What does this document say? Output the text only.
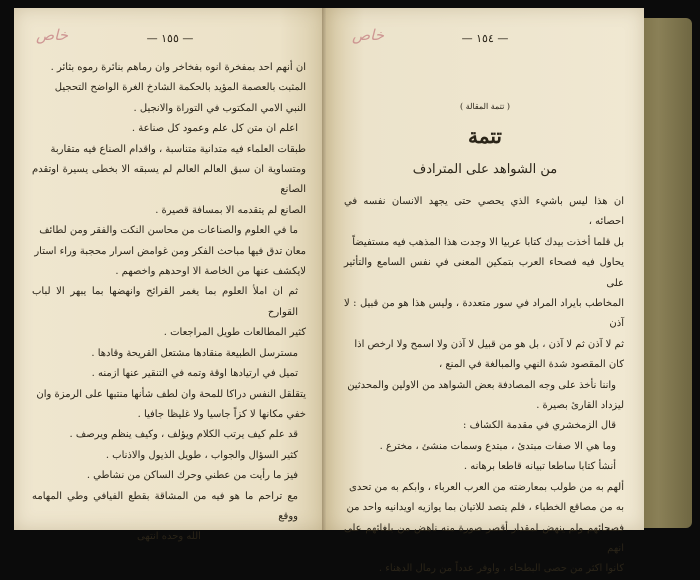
خاص	— ١٥٥ —

ان أنهم احد بمفخرة انوه بفخاخر وان رماهم بنائرة رموه بثائر .

المثبت بالعصمة المؤيد بالحكمة الشادخ الغرة الواضح التحجيل

النبي الامي المكتوب في التوراة والانجيل .

اعلم ان متن كل علم وعمود كل صناعة .

طبقات العلماء فيه متدانية متناسبة ، واقدام الصناع فيه متقاربة

ومتساوية ان سبق العالم العالم لم يسبقه الا بخطى يسيرة اوتقدم الصانع

الصانع لم يتقدمه الا بمسافة قصيرة .

ما في العلوم والصناعات من محاسن النكت والفقر ومن لطائف

معان تدق فيها مباحث الفكر ومن غوامض اسرار محجبة وراء استار

لايكشف عنها من الخاصة الا اوحدهم واخصهم .

ثم ان املأ العلوم بما يغمر القرائح وانهضها بما يبهر الا لباب القوارح

كثير المطالعات طويل المراجعات .

مسترسل الطبيعة منقادها مشتعل القريحة وقادها .

تميل في ارتيادها اوقة وتمه في التنقير عنها ازمنه .

يتقلقل النفس دراكا للمحة وان لطف شأنها منتبها على الرمزة وان

خفي مكانها لا كزاً جاسيا ولا غليظا جافيا .

قد علم كيف يرتب الكلام ويؤلف ، وكيف ينظم ويرصف .

كثير السؤال والجواب ، طويل الذيول والاذناب .

فيز ما رأيت من عطني وحرك الساكن من نشاطي .

مع تراحم ما هو فيه من المشاقة بقطع الفيافي وطي المهامه ووقع

الله وحده انتهى

خاص	— ١٥٤ —
( تتمة المقالة )
تتمة
من الشواهد على المترادف

ان هذا ليس باشيء الذي يحصي حتى يجهد الانسان نفسه في احصائه ،

بل قلما أخذت بيدك كتابا عربيا الا وجدت هذا المذهب فيه مستفيضاً

يحاول فيه فصحاء العرب بتمكين المعنى في نفس السامع والتأثير على

المخاطب بايراد المراد في سور متعددة ، وليس هذا هو من قبيل : لا آذن

ثم لا آذن ثم لا آذن ، بل هو من قبيل لا آذن ولا اسمح ولا ارخص اذا

كان المقصود شدة النهي والمبالغة في المنع ،

واننا نأخذ على وجه المصادفة بعض الشواهد من الاولين والمحدثين

ليزداد القارئ بصيرة .

قال الزمخشري في مقدمة الكشاف :

وما هي الا صفات مبتدئ ، مبتدع وسمات منشئ ، مخترع .

أنشأ كتابا ساطعا تبيانه قاطعا برهانه .

ألهم به من طولب بمعارضته من العرب العرباء ، وابكم به من تحدى

به من مصاقع الخطباء ، فلم يتصد للاتيان بما يوازيه اويدانيه واحد من

فصحائهم ولم ينهض لمقدار أقصر صورة منه ناهض من بلغائهم على انهم

كانوا اكثر من حصى البطحاء ، واوفر عدداً من رمال الدهناء .
